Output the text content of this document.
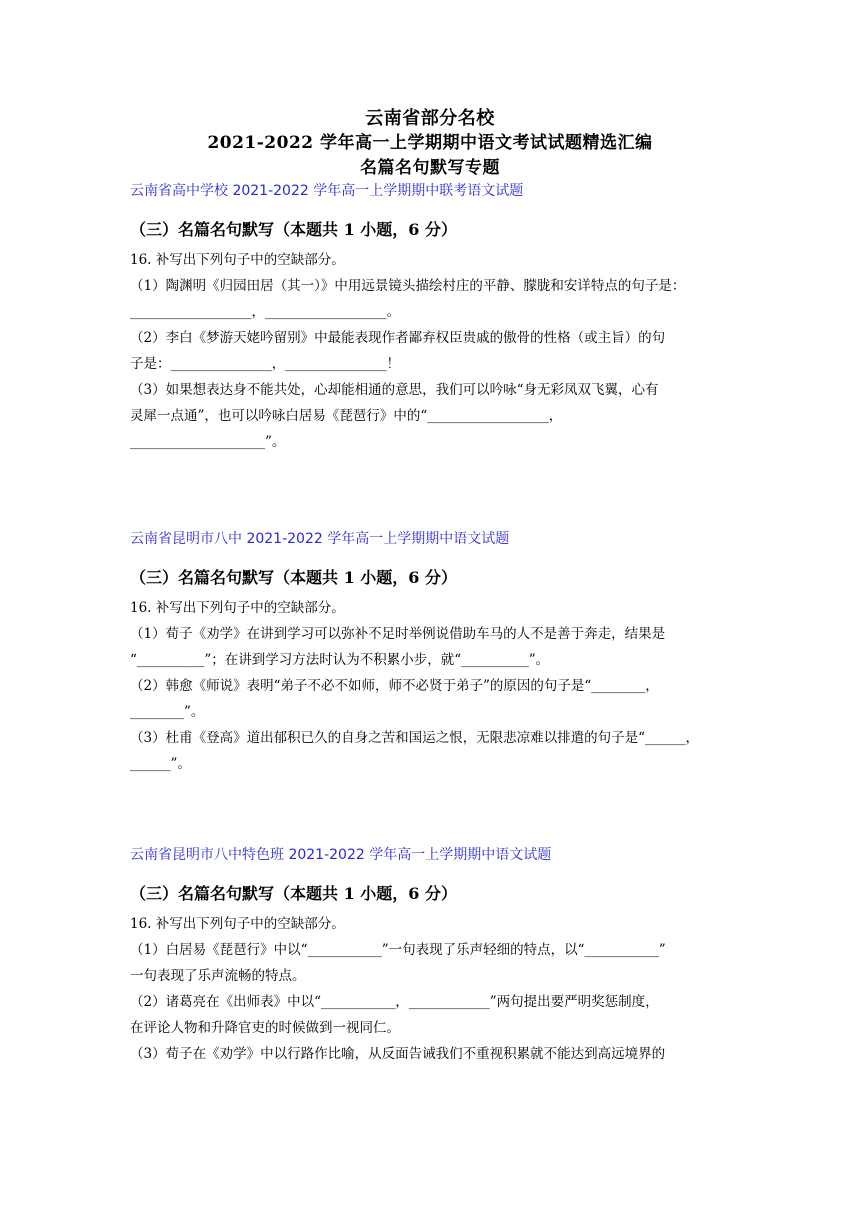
云南省部分名校
2021-2022 学年高一上学期期中语文考试试题精选汇编
名篇名句默写专题
云南省高中学校 2021-2022 学年高一上学期期中联考语文试题
（三）名篇名句默写（本题共 1 小题，6 分）
16. 补写出下列句子中的空缺部分。
（1）陶渊明《归园田居（其一）》中用远景镜头描绘村庄的平静、朦胧和安详特点的句子是：
__________________，__________________。
（2）李白《梦游天姥吟留别》中最能表现作者鄙弃权臣贵戚的傲骨的性格（或主旨）的句
子是：_______________，_______________！
（3）如果想表达身不能共处，心却能相通的意思，我们可以吟咏“身无彩凤双飞翼，心有
灵犀一点通”，也可以吟咏白居易《琵琶行》中的“__________________，
____________________”。
云南省昆明市八中 2021-2022 学年高一上学期期中语文试题
（三）名篇名句默写（本题共 1 小题，6 分）
16. 补写出下列句子中的空缺部分。
（1）荀子《劝学》在讲到学习可以弥补不足时举例说借助车马的人不是善于奔走，结果是
“__________”；在讲到学习方法时认为不积累小步，就“__________”。
（2）韩愈《师说》表明“弟子不必不如师，师不必贤于弟子”的原因的句子是“________，
________”。
（3）杜甫《登高》道出郁积已久的自身之苦和国运之恨，无限悲凉难以排遣的句子是“______，
______”。
云南省昆明市八中特色班 2021-2022 学年高一上学期期中语文试题
（三）名篇名句默写（本题共 1 小题，6 分）
16. 补写出下列句子中的空缺部分。
（1）白居易《琵琶行》中以“___________”一句表现了乐声轻细的特点，以“___________”
一句表现了乐声流畅的特点。
（2）诸葛亮在《出师表》中以“___________，____________”两句提出要严明奖惩制度，
在评论人物和升降官吏的时候做到一视同仁。
（3）荀子在《劝学》中以行路作比喻，从反面告诫我们不重视积累就不能达到高远境界的
